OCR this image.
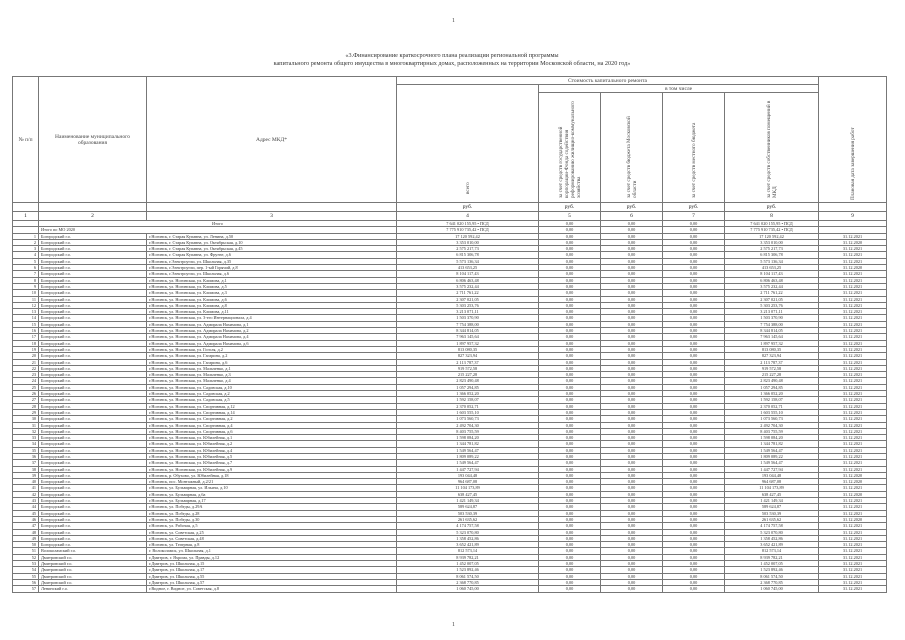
1
«3.Финансирование краткосрочного плана реализации региональной программы
капитального ремонта общего имущества в многоквартирных домах, расположенных на территории Московской области, на 2020 год»
№ п/п	Наименование муниципального образования	Адрес МКД*	Стоимость капитального ремонта					Плановая дата завершения работ

			всего	в том числе				

				за счет средств государственной корпорации-Фонда содействия реформированию жилищно-коммунального хозяйства	за счет средств бюджета Московской области	за счет средств местного бюджета	за счет средств собственников помещений в МКД	

			руб.	руб.	руб.	руб.	руб.	
1	2	3	4	5	6	7	8	9
	Итого		7 641 020 155,95 • ПСД	0,00	0,00	0,00	7 641 020 155,95 • ПСД	
	Итого по МО 2020		7 775 910 735,42 • ПСД	0,00	0,00	0,00	7 775 910 735,42 • ПСД	
1	Богородский г.о.	г.Ногинск, г. Старая Купавна, ул. Ленина, д.50	17 120 592,42	0,00	0,00	0,00	17 120 592,42	31.12.2021
2	Богородский г.о.	г.Ногинск, г. Старая Купавна, ул. Октябрьская, д.10	3 353 010,00	0,00	0,00	0,00	3 353 010,00	31.12.2020
3	Богородский г.о.	г.Ногинск, г. Старая Купавна, ул. Октябрьская, д.45	2 575 217,73	0,00	0,00	0,00	2 575 217,73	31.12.2021
4	Богородский г.о.	г.Ногинск, г. Старая Купавна, ул. Фрунзе, д.6	6 815 306,78	0,00	0,00	0,00	6 815 306,78	31.12.2021
5	Богородский г.о.	г.Ногинск, г.Электроугли, ул. Школьная, д.35	5 573 136,34	0,00	0,00	0,00	5 573 136,34	31.12.2021
6	Богородский г.о.	г.Ногинск, г.Электроугли, пер. 1-ый Горячий, д.8	413 653,25	0,00	0,00	0,00	413 653,25	31.12.2020
7	Богородский г.о.	г.Ногинск, г.Электроугли, ул. Школьная, д.6	8 104 117,43	0,00	0,00	0,00	8 104 117,43	31.12.2021
8	Богородский г.о.	г.Ногинск, ул. Ногинская, ул. Климова, д.1	6 806 463,48	0,00	0,00	0,00	6 806 463,48	31.12.2021
9	Богородский г.о.	г.Ногинск, ул. Ногинская, ул. Климова, д.5	3 575 232,44	0,00	0,00	0,00	3 575 232,44	31.12.2021
10	Богородский г.о.	г.Ногинск, ул. Ногинская, ул. Климова, д.3	2 711 761,22	0,00	0,00	0,00	2 711 761,22	31.12.2021
11	Богородский г.о.	г.Ногинск, ул. Ногинская, ул. Климова, д.6	2 307 021,05	0,00	0,00	0,00	2 307 021,05	31.12.2021
12	Богородский г.о.	г.Ногинск, ул. Ногинская, ул. Климова, д.8	5 303 253,76	0,00	0,00	0,00	5 303 253,76	31.12.2021
13	Богородский г.о.	г.Ногинск, ул. Ногинская, ул. Климова, д.11	3 213 071,11	0,00	0,00	0,00	3 213 071,11	31.12.2021
14	Богородский г.о.	г.Ногинск, ул. Ногинская, ул. 3-его Интернационала, д.4	1 503 370,90	0,00	0,00	0,00	1 503 370,90	31.12.2021
15	Богородский г.о.	г.Ногинск, ул. Ногинская, ул. Адмирала Нахимова, д.1	7 754 388,00	0,00	0,00	0,00	7 754 388,00	31.12.2021
16	Богородский г.о.	г.Ногинск, ул. Ногинская, ул. Адмирала Нахимова, д.2	8 344 814,05	0,00	0,00	0,00	8 344 814,05	31.12.2021
17	Богородский г.о.	г.Ногинск, ул. Ногинская, ул. Адмирала Нахимова, д.4	7 963 145,64	0,00	0,00	0,00	7 963 145,64	31.12.2021
18	Богородский г.о.	г.Ногинск, ул. Ногинская, ул. Адмирала Нахимова, д.6	1 897 957,32	0,00	0,00	0,00	1 897 957,32	31.12.2021
19	Богородский г.о.	г.Ногинск, ул. Ногинская, ул. Гоголя, д.2	813 080,35	0,00	0,00	0,00	813 080,35	31.12.2021
20	Богородский г.о.	г.Ногинск, ул. Ногинская, ул. Гагарина, д.2	827 323,94	0,00	0,00	0,00	827 323,94	31.12.2021
21	Богородский г.о.	г.Ногинск, ул. Ногинская, ул. Гагарина, д.6	2 113 787,37	0,00	0,00	0,00	2 113 787,37	31.12.2021
22	Богородский г.о.	г.Ногинск, ул. Ногинская, ул. Мальченко, д.1	919 572,58	0,00	0,00	0,00	919 572,58	31.12.2021
23	Богородский г.о.	г.Ногинск, ул. Ногинская, ул. Мальченко, д.3	215 227,28	0,00	0,00	0,00	215 227,28	31.12.2021
24	Богородский г.о.	г.Ногинск, ул. Ногинская, ул. Мальченко, д.4	2 823 490,48	0,00	0,00	0,00	2 823 490,48	31.12.2021
25	Богородский г.о.	г.Ногинск, ул. Ногинская, ул. Садовская, д.10	1 057 294,85	0,00	0,00	0,00	1 057 294,85	31.12.2021
26	Богородский г.о.	г.Ногинск, ул. Ногинская, ул. Садовская, д.2	1 366 052,20	0,00	0,00	0,00	1 366 052,20	31.12.2021
27	Богородский г.о.	г.Ногинск, ул. Ногинская, ул. Садовская, д.5	1 592 158,07	0,00	0,00	0,00	1 592 158,07	31.12.2021
28	Богородский г.о.	г.Ногинск, ул. Ногинская, ул. Спортивная, д.12	2 370 052,71	0,00	0,00	0,00	2 370 052,71	31.12.2021
29	Богородский г.о.	г.Ногинск, ул. Ногинская, ул. Спортивная, д.14	1 603 555,10	0,00	0,00	0,00	1 603 555,10	31.12.2021
30	Богородский г.о.	г.Ногинск, ул. Ногинская, ул. Спортивная, д.2	1 073 560,73	0,00	0,00	0,00	1 073 560,73	31.12.2021
31	Богородский г.о.	г.Ногинск, ул. Ногинская, ул. Спортивная, д.4	2 492 704,30	0,00	0,00	0,00	2 492 704,30	31.12.2021
32	Богородский г.о.	г.Ногинск, ул. Ногинская, ул. Спортивная, д.6	8 403 755,59	0,00	0,00	0,00	8 403 755,59	31.12.2021
33	Богородский г.о.	г.Ногинск, ул. Ногинская, ул. Юбилейная, д.1	1 598 084,20	0,00	0,00	0,00	1 598 084,20	31.12.2021
34	Богородский г.о.	г.Ногинск, ул. Ногинская, ул. Юбилейная, д.2	1 344 781,82	0,00	0,00	0,00	1 344 781,82	31.12.2021
35	Богородский г.о.	г.Ногинск, ул. Ногинская, ул. Юбилейная, д.4	1 549 564,47	0,00	0,00	0,00	1 549 564,47	31.12.2021
36	Богородский г.о.	г.Ногинск, ул. Ногинская, ул. Юбилейная, д.5	1 809 089,22	0,00	0,00	0,00	1 809 089,22	31.12.2021
37	Богородский г.о.	г.Ногинск, ул. Ногинская, ул. Юбилейная, д.7	1 549 564,47	0,00	0,00	0,00	1 549 564,47	31.12.2021
38	Богородский г.о.	г.Ногинск, ул. Ногинская, ул. Юбилейная, д.9	1 447 727,94	0,00	0,00	0,00	1 447 727,94	31.12.2021
39	Богородский г.о.	г.Ногинск, р. Обухово, ул. Юбилейная, д.18	193 044,48	0,00	0,00	0,00	193 044,48	31.12.2020
40	Богородский г.о.	г.Ногинск, пос. Монтажный, д.2/21	964 687,08	0,00	0,00	0,00	964 687,08	31.12.2020
41	Богородский г.о.	г.Ногинск, ул. Бульварная, ул. Ильича, д.10	11 104 173,89	0,00	0,00	0,00	11 104 173,89	31.12.2021
42	Богородский г.о.	г.Ногинск, ул. Бульварная, д.6а	638 427,45	0,00	0,00	0,00	638 427,45	31.12.2020
43	Богородский г.о.	г.Ногинск, ул. Бульварная, д.17	1 421 149,34	0,00	0,00	0,00	1 421 149,34	31.12.2021
44	Богородский г.о.	г.Ногинск, ул. Победы, д.29А	589 624,87	0,00	0,00	0,00	589 624,87	31.12.2021
45	Богородский г.о.	г.Ногинск, ул. Победы, д.28	503 530,39	0,00	0,00	0,00	503 530,39	31.12.2021
46	Богородский г.о.	г.Ногинск, ул. Победы, д.30	261 635,62	0,00	0,00	0,00	261 635,62	31.12.2020
47	Богородский г.о.	г.Ногинск, ул. Рабочая, д.5	4 174 757,58	0,00	0,00	0,00	4 174 757,58	31.12.2021
48	Богородский г.о.	г.Ногинск, ул. Советская, д.25	5 323 070,80	0,00	0,00	0,00	5 323 070,80	31.12.2021
49	Богородский г.о.	г.Ногинск, ул. Советская, д.48	1 358 452,86	0,00	0,00	0,00	1 358 452,86	31.12.2021
50	Богородский г.о.	г.Ногинск, ул. Театрная, д.8	3 652 421,89	0,00	0,00	0,00	3 652 421,89	31.12.2021
51	Волоколамский г.о.	г. Волоколамск, ул. Школьная, д.1	812 573,14	0,00	0,00	0,00	812 573,14	31.12.2021
52	Дмитровский г.о.	г.Дмитров, г. Яхрома, ул. Правды, д.12	8 939 782,21	0,00	0,00	0,00	8 939 782,21	31.12.2021
53	Дмитровский г.о.	г.Дмитров, ул. Школьная, д.15	1 452 007,05	0,00	0,00	0,00	1 452 007,05	31.12.2021
54	Дмитровский г.о.	г.Дмитров, ул. Школьная, д.17	1 523 892,46	0,00	0,00	0,00	1 523 892,46	31.12.2021
55	Дмитровский г.о.	г.Дмитров, ул. Школьная, д.55	8 061 574,50	0,00	0,00	0,00	8 061 574,50	31.12.2021
56	Дмитровский г.о.	г.Дмитров, ул. Школьная, д.57	2 368 770,85	0,00	0,00	0,00	2 368 770,85	31.12.2021
57	Ленинский г.о.	г.Видное, г. Видное, ул. Советская, д.8	1 060 745,00	0,00	0,00	0,00	1 060 745,00	31.12.2021
1
